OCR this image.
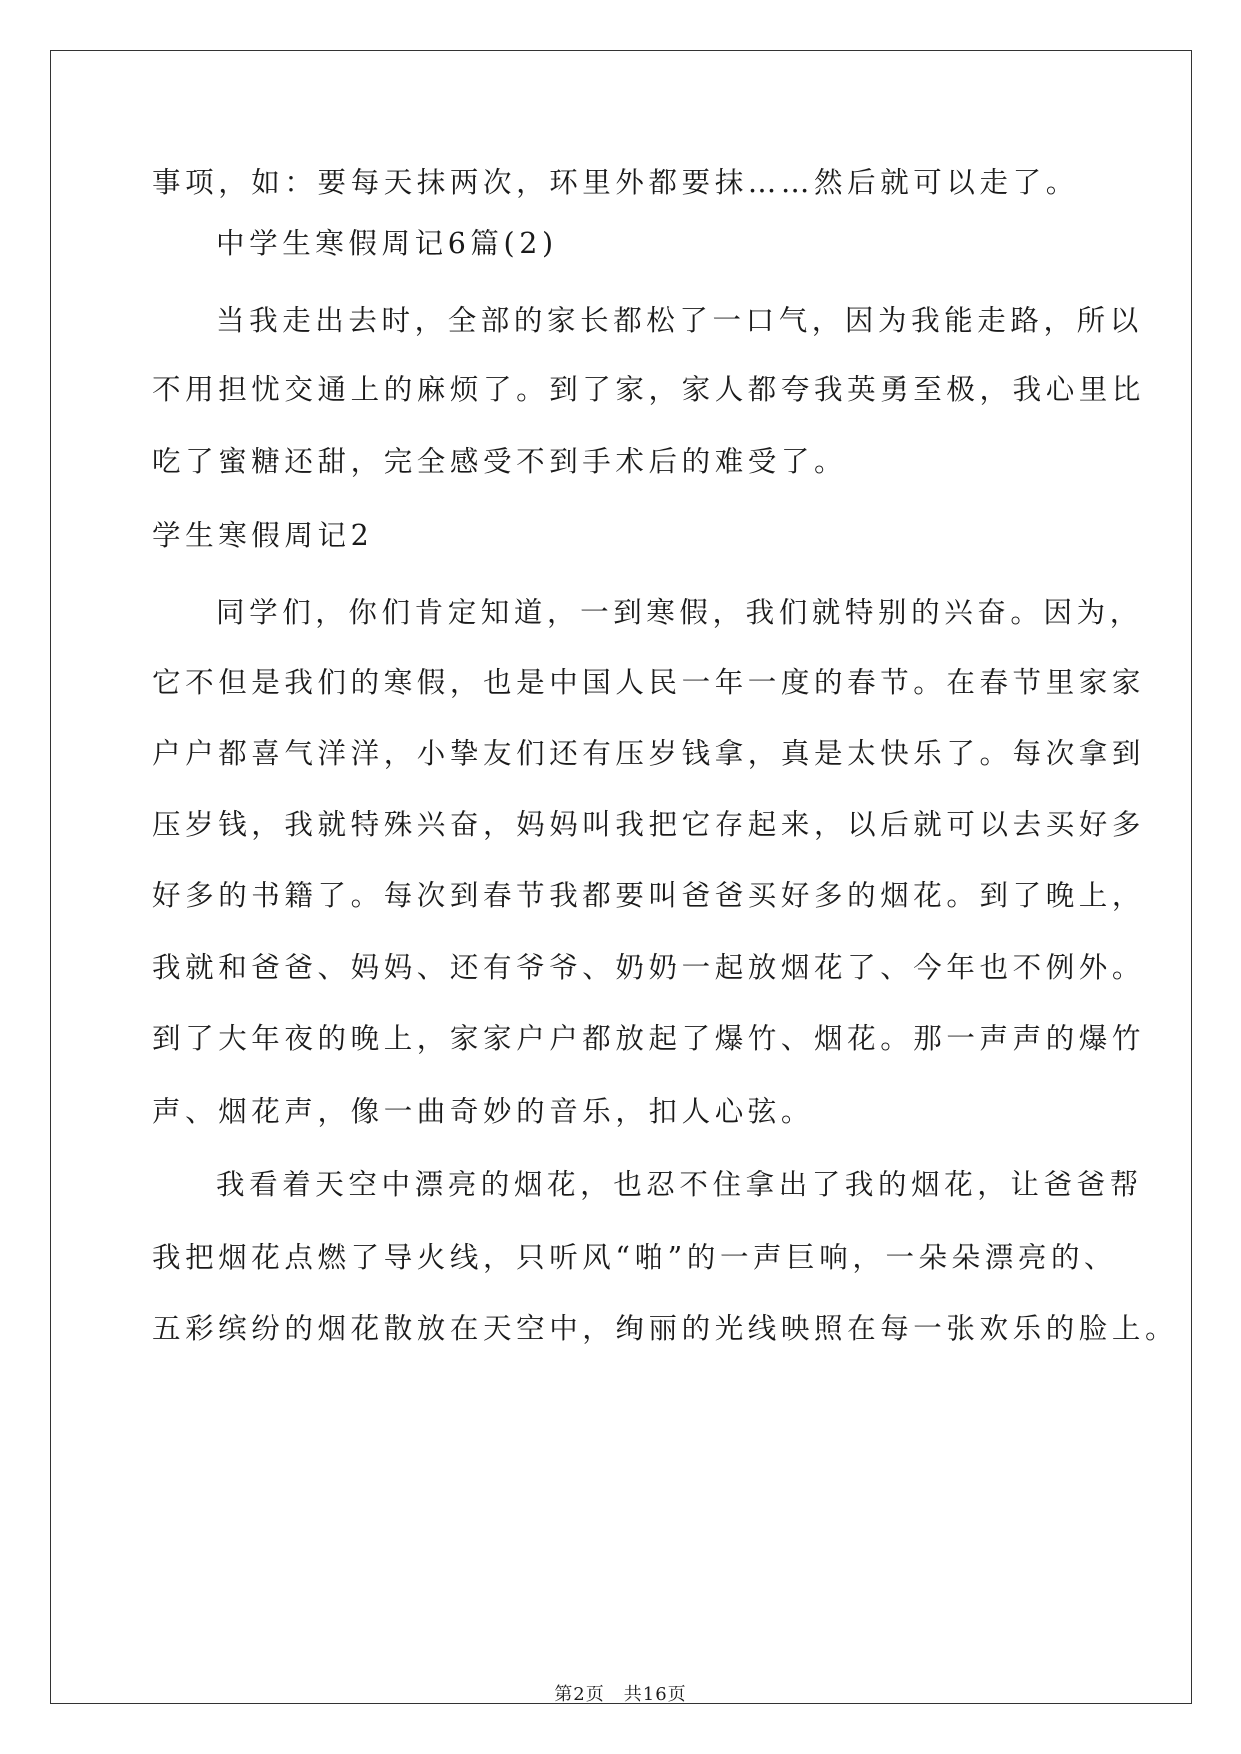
事项，如：要每天抹两次，环里外都要抹……然后就可以走了。
中学生寒假周记6篇(2)
当我走出去时，全部的家长都松了一口气，因为我能走路，所以
不用担忧交通上的麻烦了。到了家，家人都夸我英勇至极，我心里比
吃了蜜糖还甜，完全感受不到手术后的难受了。
学生寒假周记2
同学们，你们肯定知道，一到寒假，我们就特别的兴奋。因为，
它不但是我们的寒假，也是中国人民一年一度的春节。在春节里家家
户户都喜气洋洋，小挚友们还有压岁钱拿，真是太快乐了。每次拿到
压岁钱，我就特殊兴奋，妈妈叫我把它存起来，以后就可以去买好多
好多的书籍了。每次到春节我都要叫爸爸买好多的烟花。到了晚上，
我就和爸爸、妈妈、还有爷爷、奶奶一起放烟花了、今年也不例外。
到了大年夜的晚上，家家户户都放起了爆竹、烟花。那一声声的爆竹
声、烟花声，像一曲奇妙的音乐，扣人心弦。
我看着天空中漂亮的烟花，也忍不住拿出了我的烟花，让爸爸帮
我把烟花点燃了导火线，只听风“啪”的一声巨响，一朵朵漂亮的、
五彩缤纷的烟花散放在天空中，绚丽的光线映照在每一张欢乐的脸上。
第2页　共16页
